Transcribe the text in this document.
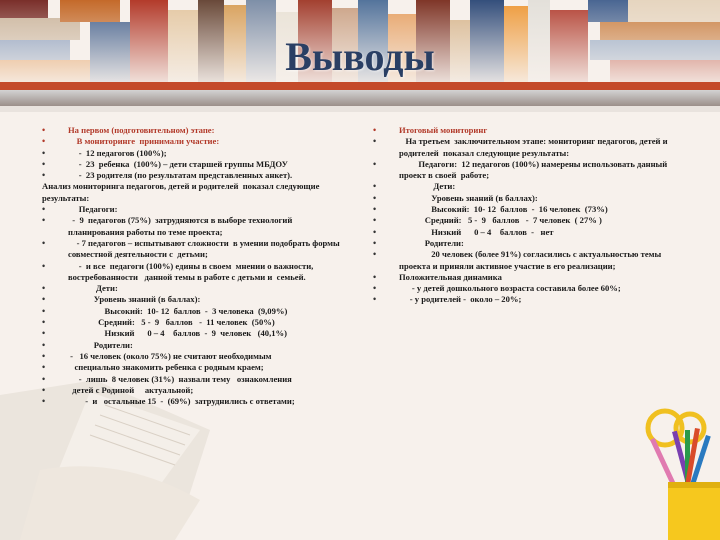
Выводы
• На первом (подготовительном) этапе:
•     В мониторинге  принимали участие:
•      -  12 педагогов (100%);
•      -  23  ребенка  (100%) – дети старшей группы МБДОУ
•      -  23 родителя (по результатам представленных анкет).
Анализ мониторинга педагогов, детей и родителей  показал следующие  результаты:
•      Педагоги:
•   -  9  педагогов (75%)  затрудняются в выборе технологий планирования работы по теме проекта;
•     - 7 педагогов – испытывают сложности  в умении подобрать формы совместной деятельности с  детьми;
•      -  и все  педагоги (100%) едины в своем  мнении о важности, востребованности   данной темы в работе с детьми и  семьей.
•              Дети:
•             Уровень знаний (в баллах):
•                  Высокий:  10- 12  баллов  -  3 человека  (9,09%)
•               Средний:   5 -  9   баллов   -  11 человек  (50%)
•                  Низкий      0 – 4    баллов  -  9  человек   (40,1%)
•             Родители:
•  -   16 человек (около 75%) не считают необходимым
•    специально знакомить ребенка с родным краем;
•      -  лишь  8 человек (31%)  назвали тему   ознакомления
•   детей с Родиной     актуальной;
•         -  и   остальные 15  -  (69%)  затруднились с ответами;
• Итоговый мониторинг
•    На третьем  заключительном этапе: мониторинг педагогов, детей и родителей  показал следующие результаты:
•          Педагоги:  12 педагогов (100%) намерены использовать данный проект в своей  работе;
•                 Дети:
•                Уровень знаний (в баллах):
•                Высокий:  10- 12  баллов  -  16 человек  (73%)
•             Средний:   5 -  9   баллов   -  7 человек  ( 27% )
•                Низкий      0 – 4    баллов  -   нет
•             Родители:
•                20 человек (более 91%) согласились с актуальностью темы проекта и приняли активное участие в его реализации;
• Положительная динамика
•       - у детей дошкольного возраста составила более 60%;
•      - у родителей -  около – 20%;
